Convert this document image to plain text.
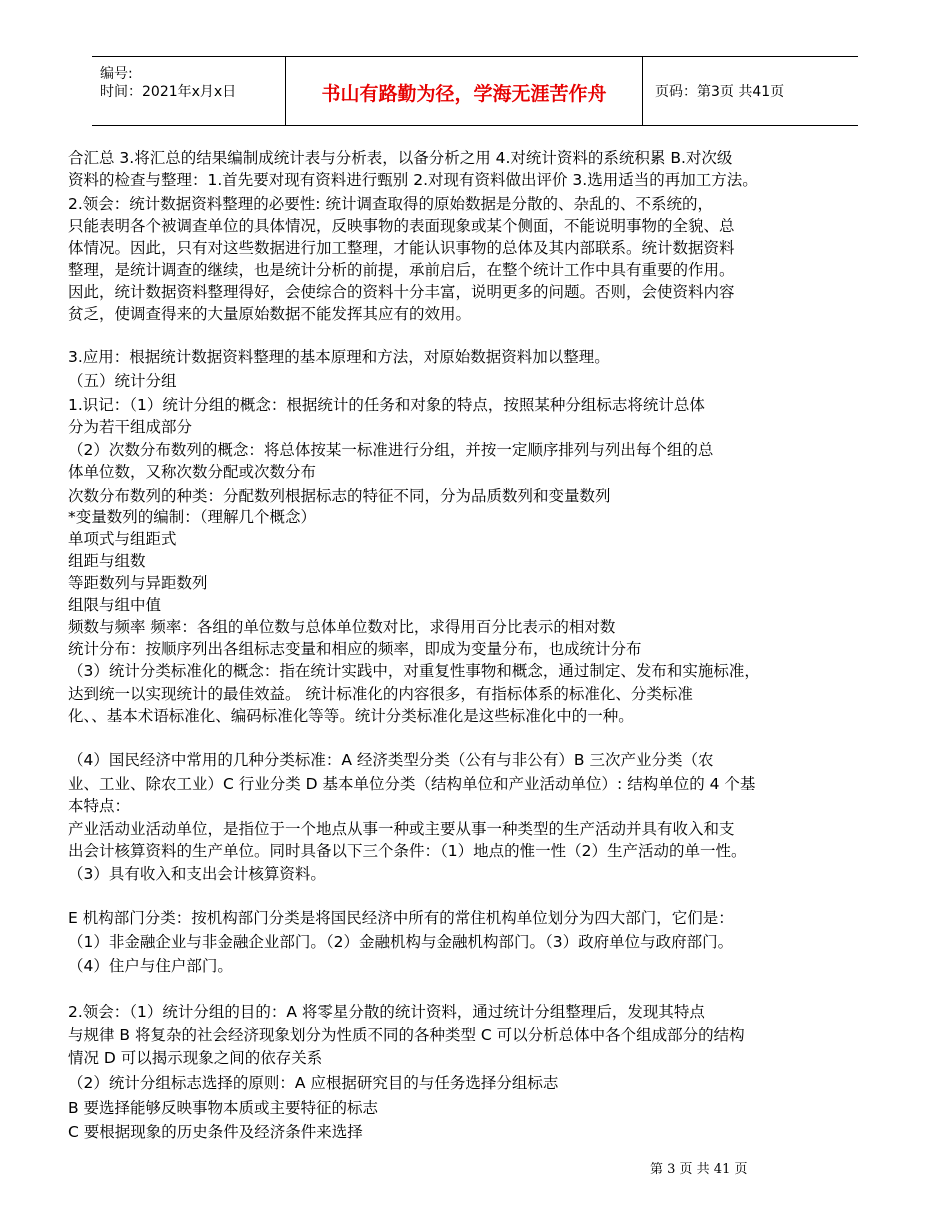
编号:
时间：2021年x月x日	书山有路勤为径，学海无涯苦作舟	页码：第3页 共41页
合汇总 3.将汇总的结果编制成统计表与分析表，以备分析之用 4.对统计资料的系统积累 B.对次级
资料的检查与整理：1.首先要对现有资料进行甄别 2.对现有资料做出评价 3.选用适当的再加工方法。
2.领会：统计数据资料整理的必要性: 统计调查取得的原始数据是分散的、杂乱的、不系统的，
只能表明各个被调查单位的具体情况，反映事物的表面现象或某个侧面，不能说明事物的全貌、总
体情况。因此，只有对这些数据进行加工整理，才能认识事物的总体及其内部联系。统计数据资料
整理，是统计调查的继续，也是统计分析的前提，承前启后，在整个统计工作中具有重要的作用。
因此，统计数据资料整理得好，会使综合的资料十分丰富，说明更多的问题。否则，会使资料内容
贫乏，使调查得来的大量原始数据不能发挥其应有的效用。
3.应用：根据统计数据资料整理的基本原理和方法，对原始数据资料加以整理。
（五）统计分组
1.识记：（1）统计分组的概念：根据统计的任务和对象的特点，按照某种分组标志将统计总体
分为若干组成部分
（2）次数分布数列的概念：将总体按某一标准进行分组，并按一定顺序排列与列出每个组的总
体单位数，又称次数分配或次数分布
次数分布数列的种类：分配数列根据标志的特征不同，分为品质数列和变量数列
*变量数列的编制：（理解几个概念）
单项式与组距式
组距与组数
等距数列与异距数列
组限与组中值
频数与频率 频率：各组的单位数与总体单位数对比，求得用百分比表示的相对数
统计分布：按顺序列出各组标志变量和相应的频率，即成为变量分布，也成统计分布
（3）统计分类标准化的概念：指在统计实践中，对重复性事物和概念，通过制定、发布和实施标准，
达到统一以实现统计的最佳效益。 统计标准化的内容很多，有指标体系的标准化、分类标准
化、、基本术语标准化、编码标准化等等。统计分类标准化是这些标准化中的一种。
（4）国民经济中常用的几种分类标准：A 经济类型分类（公有与非公有）B 三次产业分类（农
业、工业、除农工业）C 行业分类 D 基本单位分类（结构单位和产业活动单位）: 结构单位的 4 个基
本特点：
产业活动业活动单位，是指位于一个地点从事一种或主要从事一种类型的生产活动并具有收入和支
出会计核算资料的生产单位。同时具备以下三个条件：（1）地点的惟一性（2）生产活动的单一性。
（3）具有收入和支出会计核算资料。
E 机构部门分类：按机构部门分类是将国民经济中所有的常住机构单位划分为四大部门，它们是：
（1）非金融企业与非金融企业部门。（2）金融机构与金融机构部门。（3）政府单位与政府部门。
（4）住户与住户部门。
2.领会：（1）统计分组的目的：A 将零星分散的统计资料，通过统计分组整理后，发现其特点
与规律 B 将复杂的社会经济现象划分为性质不同的各种类型 C 可以分析总体中各个组成部分的结构
情况 D 可以揭示现象之间的依存关系
（2）统计分组标志选择的原则：A 应根据研究目的与任务选择分组标志
B 要选择能够反映事物本质或主要特征的标志
C 要根据现象的历史条件及经济条件来选择
第 3 页 共 41 页
